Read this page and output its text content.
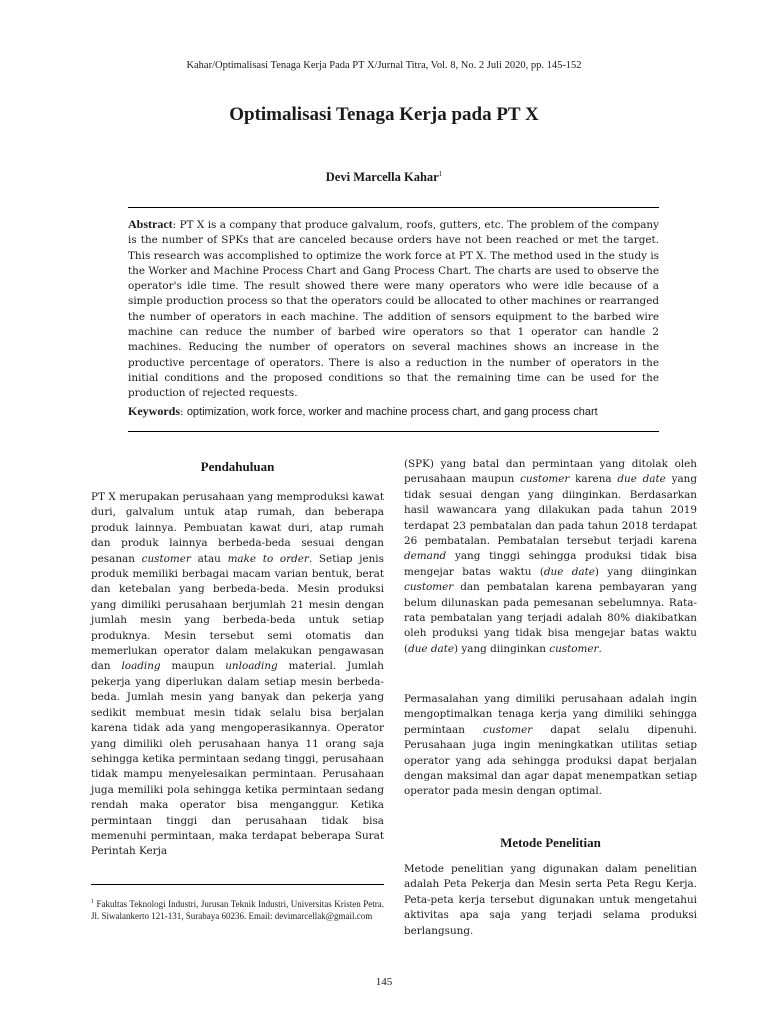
Kahar/Optimalisasi Tenaga Kerja Pada PT X/Jurnal Titra, Vol. 8, No. 2 Juli 2020, pp. 145-152
Optimalisasi Tenaga Kerja pada PT X
Devi Marcella Kahar$^1$
Abstract: PT X is a company that produce galvalum, roofs, gutters, etc. The problem of the company is the number of SPKs that are canceled because orders have not been reached or met the target. This research was accomplished to optimize the work force at PT X. The method used in the study is the Worker and Machine Process Chart and Gang Process Chart. The charts are used to observe the operator's idle time. The result showed there were many operators who were idle because of a simple production process so that the operators could be allocated to other machines or rearranged the number of operators in each machine. The addition of sensors equipment to the barbed wire machine can reduce the number of barbed wire operators so that 1 operator can handle 2 machines. Reducing the number of operators on several machines shows an increase in the productive percentage of operators. There is also a reduction in the number of operators in the initial conditions and the proposed conditions so that the remaining time can be used for the production of rejected requests.
Keywords: optimization, work force, worker and machine process chart, and gang process chart
Pendahuluan

PT X merupakan perusahaan yang memproduksi kawat duri, galvalum untuk atap rumah, dan beberapa produk lainnya. Pembuatan kawat duri, atap rumah dan produk lainnya berbeda-beda sesuai dengan pesanan customer atau make to order. Setiap jenis produk memiliki berbagai macam varian bentuk, berat dan ketebalan yang berbeda-beda. Mesin produksi yang dimiliki perusahaan berjumlah 21 mesin dengan jumlah mesin yang berbeda-beda untuk setiap produknya. Mesin tersebut semi otomatis dan memerlukan operator dalam melakukan pengawasan dan loading maupun unloading material. Jumlah pekerja yang diperlukan dalam setiap mesin berbeda-beda. Jumlah mesin yang banyak dan pekerja yang sedikit membuat mesin tidak selalu bisa berjalan karena tidak ada yang mengoperasikannya. Operator yang dimiliki oleh perusahaan hanya 11 orang saja sehingga ketika permintaan sedang tinggi, perusahaan tidak mampu menyelesaikan permintaan. Perusahaan juga memiliki pola sehingga ketika permintaan sedang rendah maka operator bisa menganggur. Ketika permintaan tinggi dan perusahaan tidak bisa memenuhi permintaan, maka terdapat beberapa Surat Perintah Kerja

(SPK) yang batal dan permintaan yang ditolak oleh perusahaan maupun customer karena due date yang tidak sesuai dengan yang diinginkan. Berdasarkan hasil wawancara yang dilakukan pada tahun 2019 terdapat 23 pembatalan dan pada tahun 2018 terdapat 26 pembatalan. Pembatalan tersebut terjadi karena demand yang tinggi sehingga produksi tidak bisa mengejar batas waktu (due date) yang diinginkan customer dan pembatalan karena pembayaran yang belum dilunaskan pada pemesanan sebelumnya. Rata-rata pembatalan yang terjadi adalah 80% diakibatkan oleh produksi yang tidak bisa mengejar batas waktu (due date) yang diinginkan customer.

Permasalahan yang dimiliki perusahaan adalah ingin mengoptimalkan tenaga kerja yang dimiliki sehingga permintaan customer dapat selalu dipenuhi. Perusahaan juga ingin meningkatkan utilitas setiap operator yang ada sehingga produksi dapat berjalan dengan maksimal dan agar dapat menempatkan setiap operator pada mesin dengan optimal.

Metode Penelitian
Metode penelitian yang digunakan dalam penelitian adalah Peta Pekerja dan Mesin serta Peta Regu Kerja. Peta-peta kerja tersebut digunakan untuk mengetahui aktivitas apa saja yang terjadi selama produksi berlangsung.
$^1$ Fakultas Teknologi Industri, Jurusan Teknik Industri, Universitas Kristen Petra. Jl. Siwalankerto 121-131, Surabaya 60236. Email: devimarcellak@gmail.com
145
